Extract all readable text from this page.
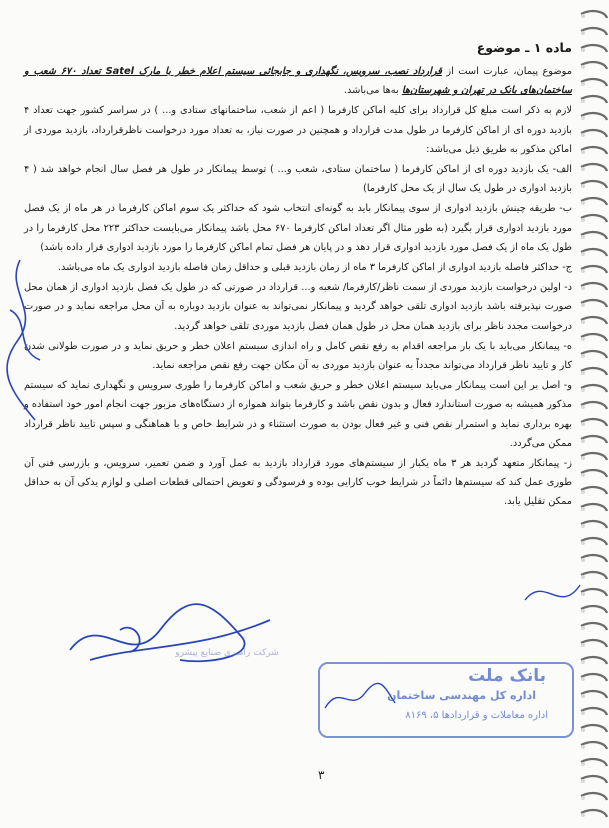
ماده ۱ ـ موضوع
موضوع پیمان، عبارت است از قرارداد نصب، سرویس، نگهداری و جابجائی سیستم اعلام خطر با مارک Satel تعداد ۶۷۰ شعب و ساختمان‌های بانک در تهران و شهرستان‌ها به‌ها می‌باشد.
لازم به ذکر است مبلغ کل قرارداد برای کلیه اماکن کارفرما ( اعم از شعب، ساختمانهای ستادی و... ) در سراسر کشور جهت تعداد ۴ بازدید دوره ای از اماکن کارفرما در طول مدت قرارداد و همچنین در صورت نیاز، به تعداد مورد درخواست ناظرقرارداد، بازدید موردی از اماکن مذکور به طریق ذیل می‌باشد:
الف- یک بازدید دوره ای از اماکن کارفرما ( ساختمان ستادی، شعب و... ) توسط پیمانکار در طول هر فصل سال انجام خواهد شد ( ۴ بازدید ادواری در طول یک سال از یک محل کارفرما)
ب- طریقه چینش بازدید ادواری از سوی پیمانکار باید به گونه‌ای انتخاب شود که حداکثر یک سوم اماکن کارفرما در هر ماه از یک فصل مورد بازدید ادواری قرار بگیرد (به طور مثال اگر تعداد اماکن کارفرما ۶۷۰ محل باشد پیمانکار می‌بایست حداکثر ۲۲۳ محل کارفرما را در طول یک ماه از یک فصل مورد بازدید ادواری قرار دهد و در پایان هر فصل تمام اماکن کارفرما را مورد بازدید ادواری قرار داده باشد)
ج- حداکثر فاصله بازدید ادواری از اماکن کارفرما ۳ ماه از زمان بازدید قبلی و حداقل زمان فاصله بازدید ادواری یک ماه می‌باشد.
د- اولین درخواست بازدید موردی از سمت ناظر/کارفرما/ شعبه و... قرارداد در صورتی که در طول یک فصل بازدید ادواری از همان محل صورت نپذیرفته باشد بازدید ادواری تلقی خواهد گردید و پیمانکار نمی‌تواند به عنوان بازدید دوباره به آن محل مراجعه نماید و در صورت درخواست مجدد ناظر برای بازدید همان محل در طول همان فصل بازدید موردی تلقی خواهد گردید.
ه- پیمانکار می‌باید با یک بار مراجعه اقدام به رفع نقص کامل و راه اندازی سیستم اعلان خطر و حریق نماید و در صورت طولانی شدن کار و تایید ناظر قرارداد می‌تواند مجدداً به عنوان بازدید موردی به آن مکان جهت رفع نقص مراجعه نماید.
و- اصل بر این است پیمانکار می‌باید سیستم اعلان خطر و حریق شعب و اماکن کارفرما را طوری سرویس و نگهداری نماید که سیستم مذکور همیشه به صورت استاندارد فعال و بدون نقص باشد و کارفرما بتواند همواره از دستگاه‌های مزبور جهت انجام امور خود استفاده و بهره برداری نماید و استمرار نقص فنی و غیر فعال بودن به صورت استثناء و در شرایط خاص و با هماهنگی و سپس تایید ناظر قرارداد ممکن می‌گردد.
ز- پیمانکار متعهد گردید هر ۳ ماه یکبار از سیستم‌های مورد قرارداد بازدید به عمل آورد و ضمن تعمیر، سرویس، و بازرسی فنی آن طوری عمل کند که سیستم‌ها دائماً در شرایط خوب کارایی بوده و فرسودگی و تعویض احتمالی قطعات اصلی و لوازم یدکی آن به حداقل ممکن تقلیل یابد.
شرکت راهبری صنایع پیشرو
بانک ملت
اداره کل مهندسی ساختمان
اداره معاملات و قراردادها ۵، ۸۱۶۹
۳
